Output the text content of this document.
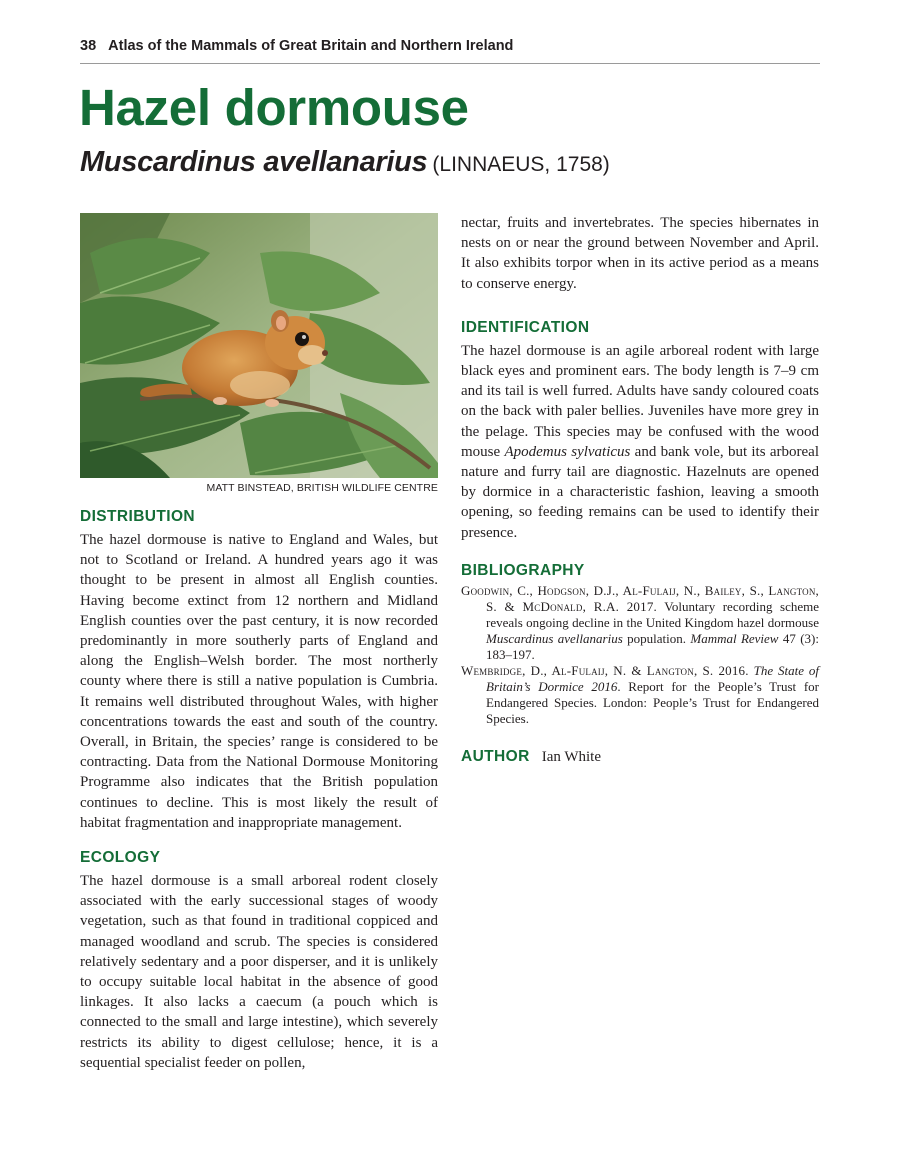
38 Atlas of the Mammals of Great Britain and Northern Ireland
Hazel dormouse
Muscardinus avellanarius (LINNAEUS, 1758)
MATT BINSTEAD, BRITISH WILDLIFE CENTRE
DISTRIBUTION

The hazel dormouse is native to England and Wales, but not to Scotland or Ireland. A hundred years ago it was thought to be present in almost all English counties. Having become extinct from 12 northern and Midland English counties over the past century, it is now recorded predominantly in more southerly parts of England and along the English–Welsh border. The most northerly county where there is still a native population is Cumbria. It remains well distributed throughout Wales, with higher concentrations towards the east and south of the country. Overall, in Britain, the species’ range is considered to be contracting. Data from the National Dormouse Monitoring Programme also indicates that the British population continues to decline. This is most likely the result of habitat fragmentation and inappropriate management.

ECOLOGY

The hazel dormouse is a small arboreal rodent closely associated with the early successional stages of woody vegetation, such as that found in traditional coppiced and managed woodland and scrub. The species is considered relatively sedentary and a poor disperser, and it is unlikely to occupy suitable local habitat in the absence of good linkages. It also lacks a caecum (a pouch which is connected to the small and large intestine), which severely restricts its ability to digest cellulose; hence, it is a sequential specialist feeder on pollen,

nectar, fruits and invertebrates. The species hibernates in nests on or near the ground between November and April. It also exhibits torpor when in its active period as a means to conserve energy.

IDENTIFICATION

The hazel dormouse is an agile arboreal rodent with large black eyes and prominent ears. The body length is 7–9 cm and its tail is well furred. Adults have sandy coloured coats on the back with paler bellies. Juveniles have more grey in the pelage. This species may be confused with the wood mouse Apodemus sylvaticus and bank vole, but its arboreal nature and furry tail are diagnostic. Hazelnuts are opened by dormice in a characteristic fashion, leaving a smooth opening, so feeding remains can be used to identify their presence.

BIBLIOGRAPHY

Goodwin, C., Hodgson, D.J., Al-Fulaij, N., Bailey, S., Langton, S. & McDonald, R.A. 2017. Voluntary recording scheme reveals ongoing decline in the United Kingdom hazel dormouse Muscardinus avellanarius population. Mammal Review 47 (3): 183–197.

Wembridge, D., Al-Fulaij, N. & Langton, S. 2016. The State of Britain’s Dormice 2016. Report for the People’s Trust for Endangered Species. London: People’s Trust for Endangered Species.

AUTHOR Ian White
